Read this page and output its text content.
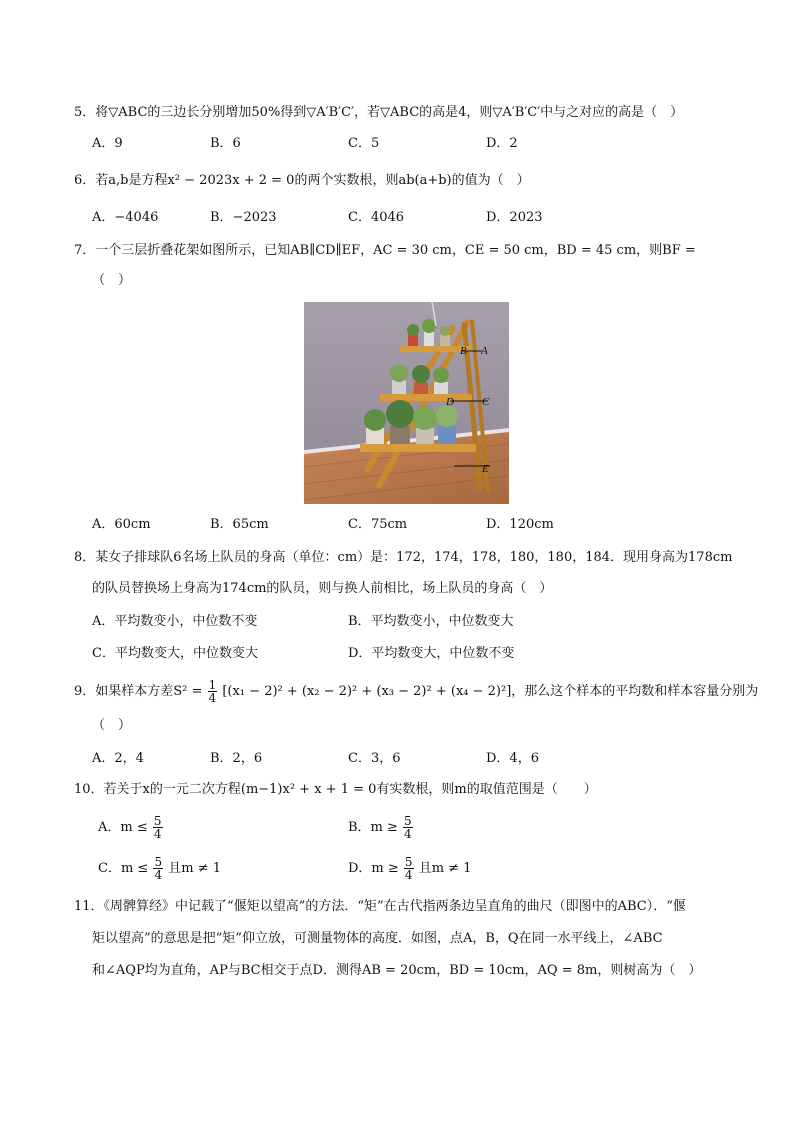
5．将▽ABC的三边长分别增加50%得到▽A′B′C′，若▽ABC的高是4，则▽A′B′C′中与之对应的高是（　）
A．9	B．6	C．5	D．2
6．若a,b是方程x² − 2023x + 2 = 0的两个实数根，则ab(a+b)的值为（　）
A．−4046	B．−2023	C．4046	D．2023
7．一个三层折叠花架如图所示，已知AB∥CD∥EF，AC = 30 cm，CE = 50 cm，BD = 45 cm，则BF =
（　）
B A
D	C
E
A．60cm	B．65cm	C．75cm	D．120cm
8．某女子排球队6名场上队员的身高（单位：cm）是：172，174，178，180，180，184．现用身高为178cm
的队员替换场上身高为174cm的队员，则与换人前相比，场上队员的身高（　）
A．平均数变小，中位数不变	B．平均数变小，中位数变大
C．平均数变大，中位数变大	D．平均数变大，中位数不变
9．如果样本方差$S^2 = \frac{1}{4} [(x_1 - 2)^2 + (x_2 - 2)^2 + (x_3 - 2)^2 + (x_4 - 2)^2]$，那么这个样本的平均数和样本容量分别为
（　）
A．2，4	B．2，6	C．3，6	D．4，6
10．若关于x的一元二次方程(m−1)x² + x + 1 = 0有实数根，则m的取值范围是（　　）
A．$m \le \frac{5}{4}$	B．$m \ge \frac{5}{4}$
C．$m \le \frac{5}{4}$ 且m ≠ 1	D．$m \ge \frac{5}{4}$ 且m ≠ 1
11．《周髀算经》中记载了“偃矩以望高”的方法．“矩”在古代指两条边呈直角的曲尺（即图中的ABC）．“偃
矩以望高”的意思是把“矩”仰立放，可测量物体的高度．如图，点A，B，Q在同一水平线上，∠ABC
和∠AQP均为直角，AP与BC相交于点D．测得AB = 20cm，BD = 10cm，AQ = 8m，则树高为（　）
